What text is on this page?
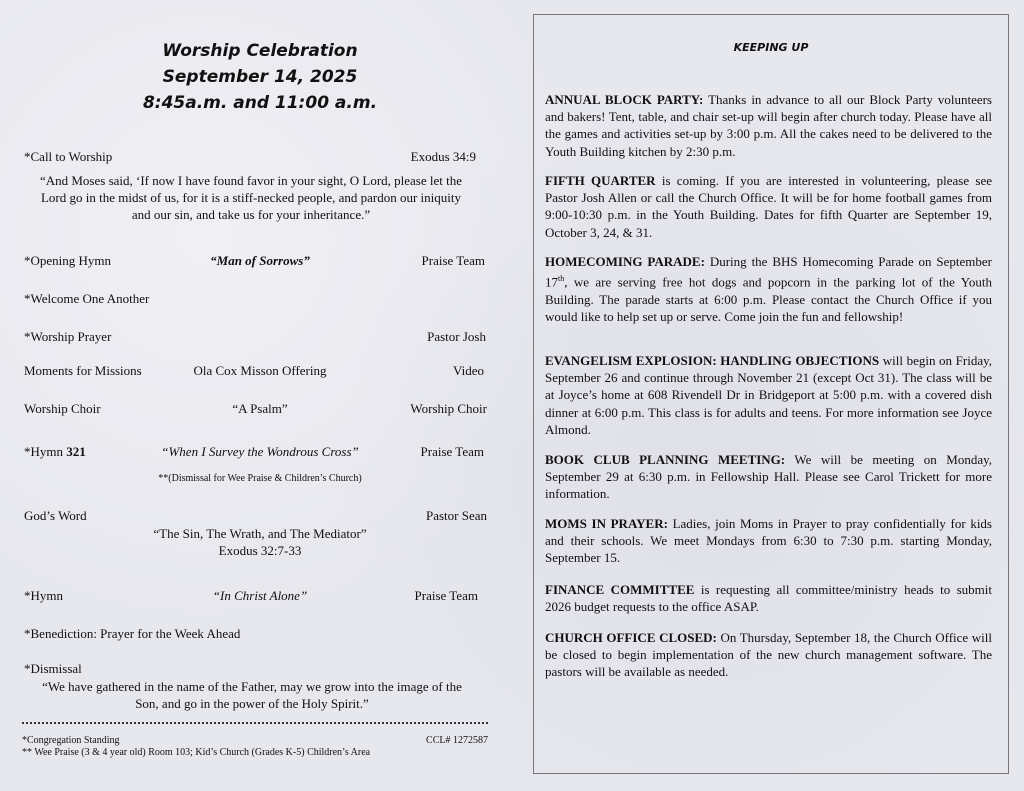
Worship Celebration
September 14, 2025
8:45a.m. and 11:00 a.m.
*Call to Worship	Exodus 34:9
“And Moses said, ‘If now I have found favor in your sight, O Lord, please let the
Lord go in the midst of us, for it is a stiff-necked people, and pardon our iniquity
and our sin, and take us for your inheritance.”
*Opening Hymn	“Man of Sorrows”	Praise Team
*Welcome One Another
*Worship Prayer	Pastor Josh
Moments for Missions	Ola Cox Misson Offering	Video
Worship Choir	“A Psalm”	Worship Choir
*Hymn 321	“When I Survey the Wondrous Cross”	Praise Team
**(Dismissal for Wee Praise & Children’s Church)
God’s Word	Pastor Sean
“The Sin, The Wrath, and The Mediator”
Exodus 32:7-33
*Hymn	“In Christ Alone”	Praise Team
*Benediction: Prayer for the Week Ahead
*Dismissal
“We have gathered in the name of the Father, may we grow into the image of the
Son, and go in the power of the Holy Spirit.”
*Congregation Standing	CCL# 1272587
** Wee Praise (3 & 4 year old) Room 103; Kid’s Church (Grades K-5) Children’s Area
KEEPING UP
ANNUAL BLOCK PARTY: Thanks in advance to all our Block Party volunteers and bakers! Tent, table, and chair set-up will begin after church today. Please have all the games and activities set-up by 3:00 p.m. All the cakes need to be delivered to the Youth Building kitchen by 2:30 p.m.
FIFTH QUARTER is coming. If you are interested in volunteering, please see Pastor Josh Allen or call the Church Office. It will be for home football games from 9:00-10:30 p.m. in the Youth Building. Dates for fifth Quarter are September 19, October 3, 24, & 31.
HOMECOMING PARADE: During the BHS Homecoming Parade on September 17th, we are serving free hot dogs and popcorn in the parking lot of the Youth Building. The parade starts at 6:00 p.m. Please contact the Church Office if you would like to help set up or serve. Come join the fun and fellowship!
EVANGELISM EXPLOSION: HANDLING OBJECTIONS will begin on Friday, September 26 and continue through November 21 (except Oct 31). The class will be at Joyce’s home at 608 Rivendell Dr in Bridgeport at 5:00 p.m. with a covered dish dinner at 6:00 p.m. This class is for adults and teens. For more information see Joyce Almond.
BOOK CLUB PLANNING MEETING: We will be meeting on Monday, September 29 at 6:30 p.m. in Fellowship Hall. Please see Carol Trickett for more information.
MOMS IN PRAYER: Ladies, join Moms in Prayer to pray confidentially for kids and their schools. We meet Mondays from 6:30 to 7:30 p.m. starting Monday, September 15.
FINANCE COMMITTEE is requesting all committee/ministry heads to submit 2026 budget requests to the office ASAP.
CHURCH OFFICE CLOSED: On Thursday, September 18, the Church Office will be closed to begin implementation of the new church management software. The pastors will be available as needed.
